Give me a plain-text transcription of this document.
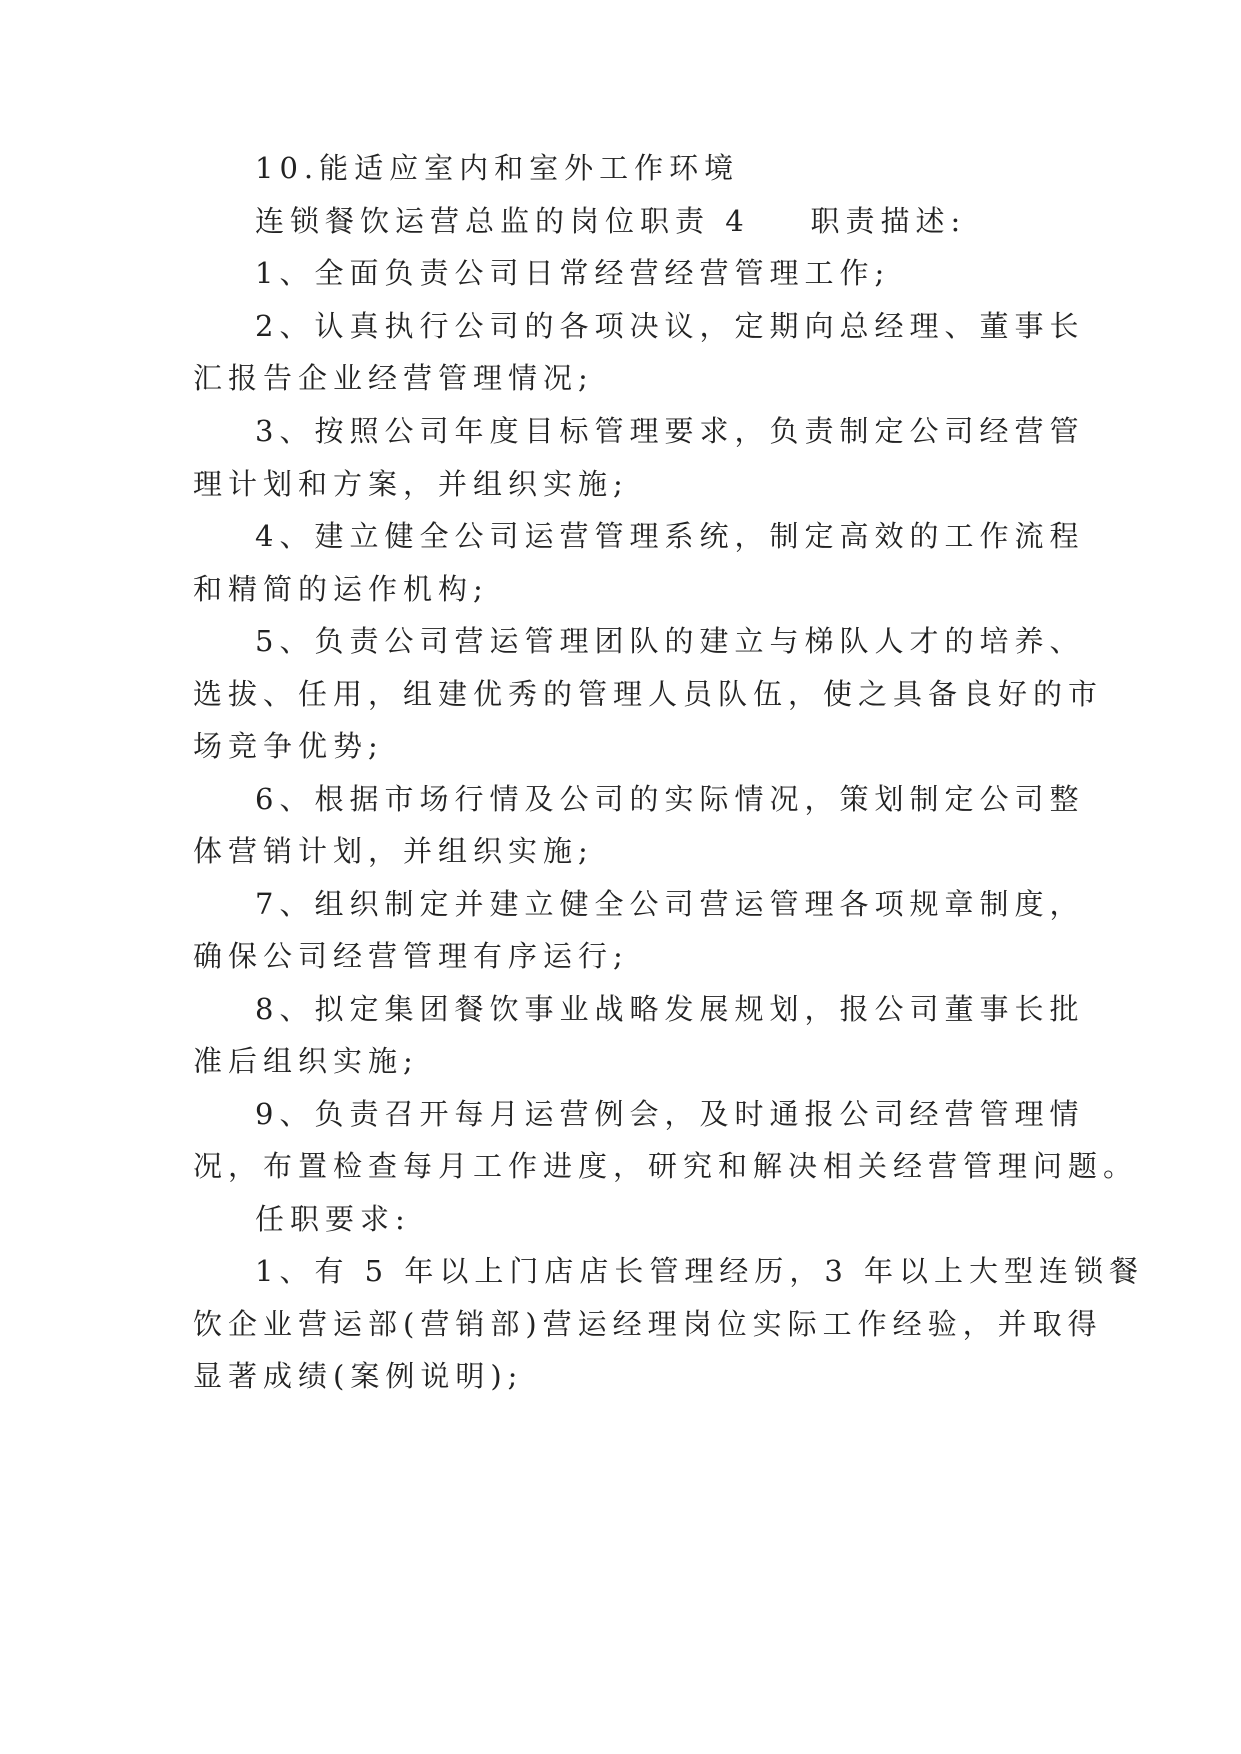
10.能适应室内和室外工作环境
连锁餐饮运营总监的岗位职责 4    职责描述:
1、全面负责公司日常经营经营管理工作;
2、认真执行公司的各项决议，定期向总经理、董事长
汇报告企业经营管理情况;
3、按照公司年度目标管理要求，负责制定公司经营管
理计划和方案，并组织实施;
4、建立健全公司运营管理系统，制定高效的工作流程
和精简的运作机构;
5、负责公司营运管理团队的建立与梯队人才的培养、
选拔、任用，组建优秀的管理人员队伍，使之具备良好的市
场竞争优势;
6、根据市场行情及公司的实际情况，策划制定公司整
体营销计划，并组织实施;
7、组织制定并建立健全公司营运管理各项规章制度，
确保公司经营管理有序运行;
8、拟定集团餐饮事业战略发展规划，报公司董事长批
准后组织实施;
9、负责召开每月运营例会，及时通报公司经营管理情
况，布置检查每月工作进度，研究和解决相关经营管理问题。
任职要求:
1、有 5 年以上门店店长管理经历，3 年以上大型连锁餐
饮企业营运部(营销部)营运经理岗位实际工作经验，并取得
显著成绩(案例说明);
